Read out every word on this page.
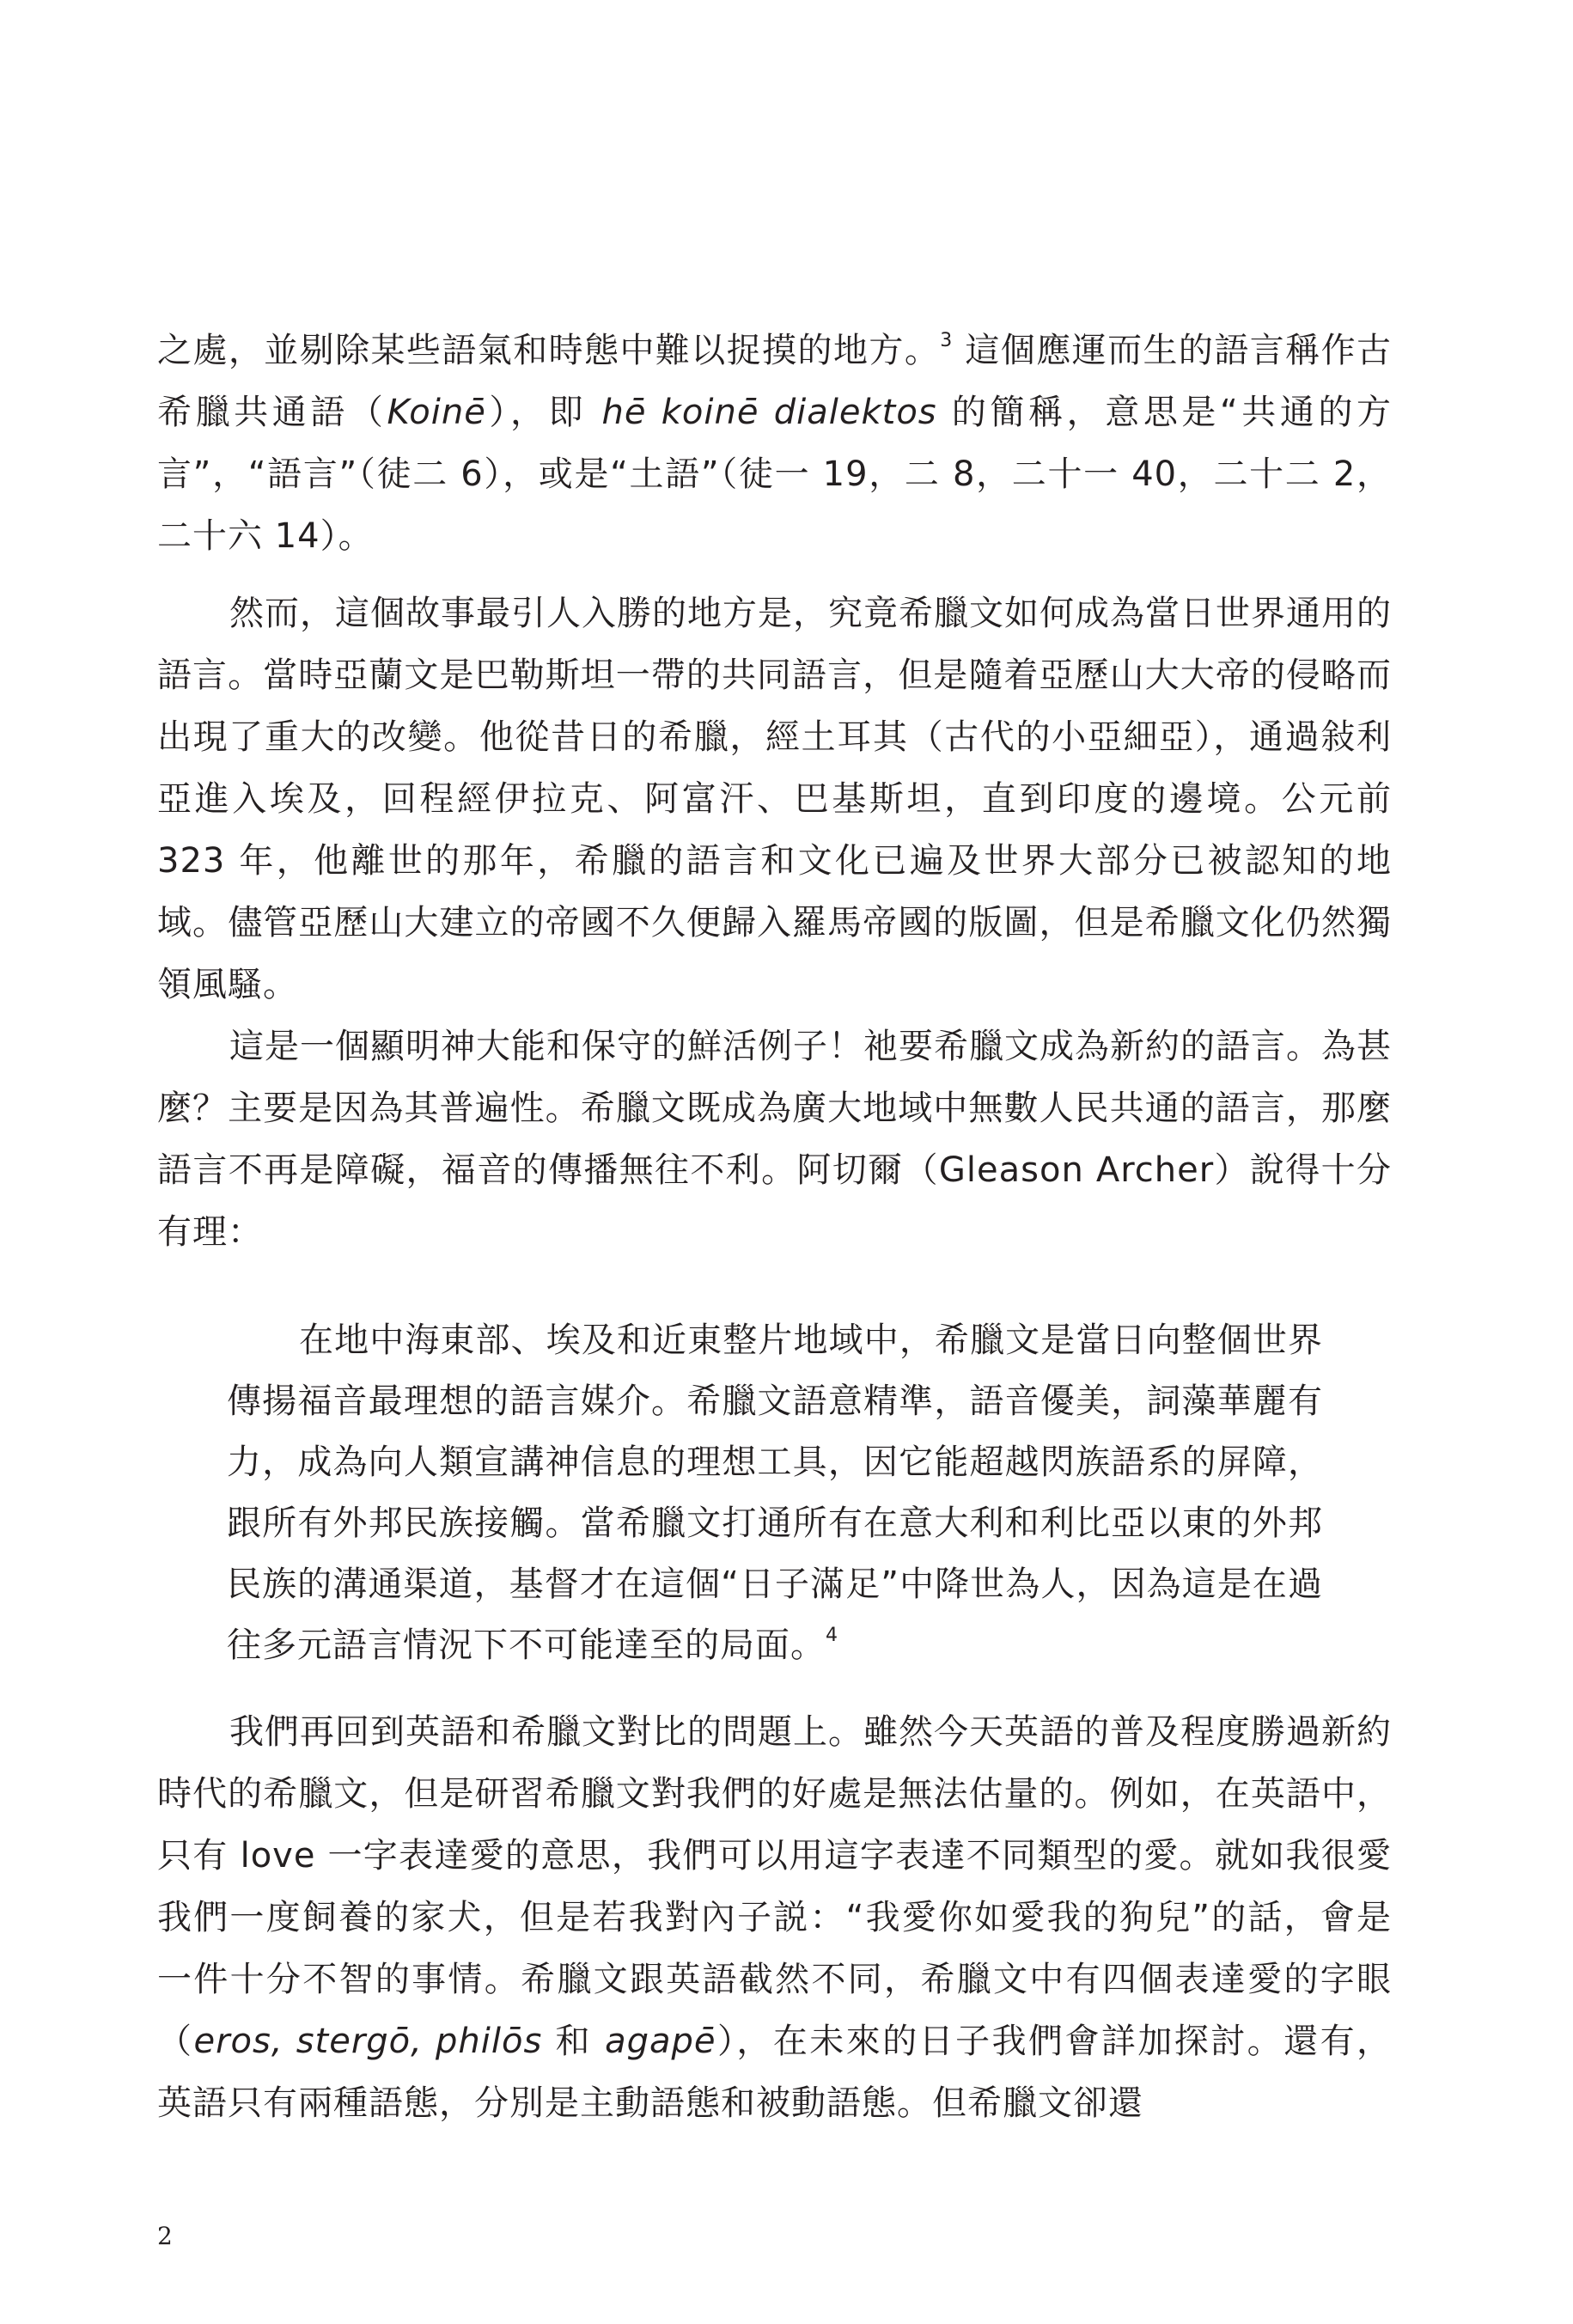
之處，並剔除某些語氣和時態中難以捉摸的地方。$^3$ 這個應運而生的語言稱作古希臘共通語（Koinē），即 hē koinē dialektos 的簡稱，意思是“共通的方言”，“語言”（徒二 6），或是“土語”（徒一 19，二 8，二十一 40，二十二 2，二十六 14）。

然而，這個故事最引人入勝的地方是，究竟希臘文如何成為當日世界通用的語言。當時亞蘭文是巴勒斯坦一帶的共同語言，但是隨着亞歷山大大帝的侵略而出現了重大的改變。他從昔日的希臘，經土耳其（古代的小亞細亞），通過敍利亞進入埃及，回程經伊拉克、阿富汗、巴基斯坦，直到印度的邊境。公元前 323 年，他離世的那年，希臘的語言和文化已遍及世界大部分已被認知的地域。儘管亞歷山大建立的帝國不久便歸入羅馬帝國的版圖，但是希臘文化仍然獨領風騷。

這是一個顯明神大能和保守的鮮活例子！祂要希臘文成為新約的語言。為甚麼？主要是因為其普遍性。希臘文既成為廣大地域中無數人民共通的語言，那麼語言不再是障礙，福音的傳播無往不利。阿切爾（Gleason Archer）說得十分有理：

在地中海東部、埃及和近東整片地域中，希臘文是當日向整個世界傳揚福音最理想的語言媒介。希臘文語意精準，語音優美，詞藻華麗有力，成為向人類宣講神信息的理想工具，因它能超越閃族語系的屏障，跟所有外邦民族接觸。當希臘文打通所有在意大利和利比亞以東的外邦民族的溝通渠道，基督才在這個“日子滿足”中降世為人，因為這是在過往多元語言情況下不可能達至的局面。$^4$

我們再回到英語和希臘文對比的問題上。雖然今天英語的普及程度勝過新約時代的希臘文，但是研習希臘文對我們的好處是無法估量的。例如，在英語中，只有 love 一字表達愛的意思，我們可以用這字表達不同類型的愛。就如我很愛我們一度飼養的家犬，但是若我對內子説：“我愛你如愛我的狗兒”的話，會是一件十分不智的事情。希臘文跟英語截然不同，希臘文中有四個表達愛的字眼（eros, stergō, philōs 和 agapē），在未來的日子我們會詳加探討。還有，英語只有兩種語態，分別是主動語態和被動語態。但希臘文卻還

2
